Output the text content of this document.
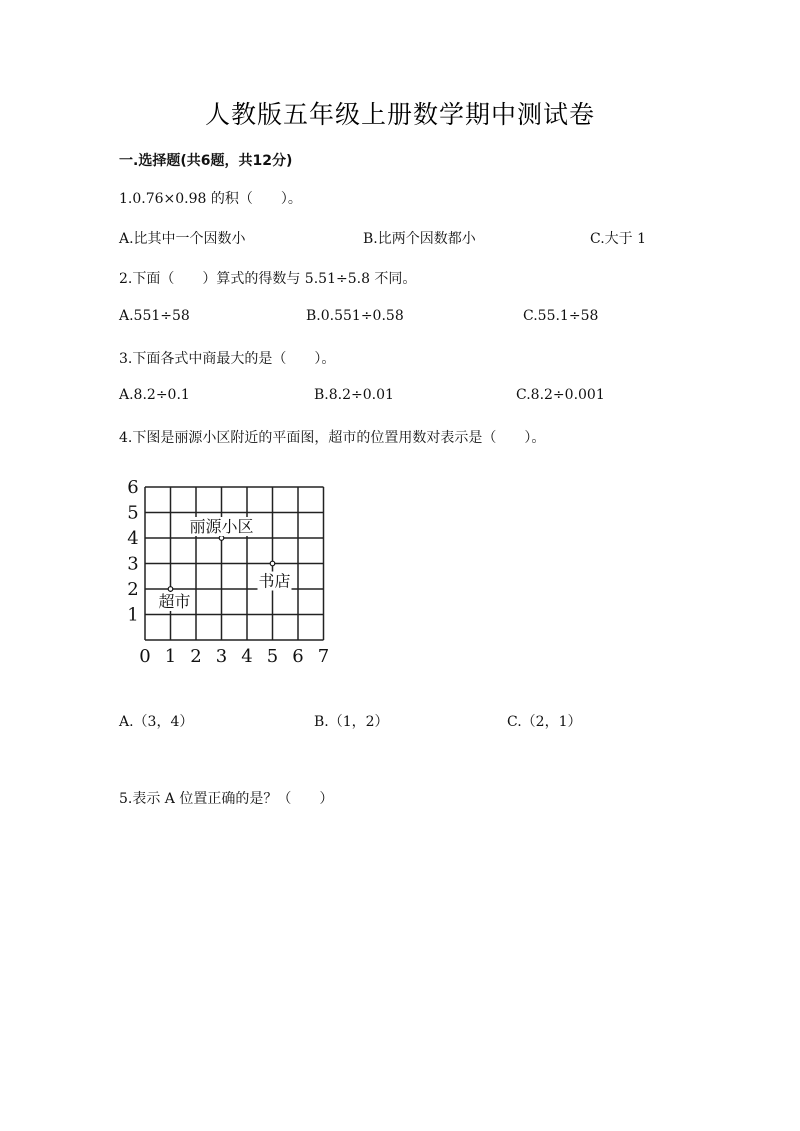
人教版五年级上册数学期中测试卷
一.选择题(共6题，共12分)
1.0.76×0.98 的积（　　）。
A.比其中一个因数小	B.比两个因数都小	C.大于 1
2.下面（　　）算式的得数与 5.51÷5.8 不同。
A.551÷58	B.0.551÷0.58	C.55.1÷58
3.下面各式中商最大的是（　　）。
A.8.2÷0.1	B.8.2÷0.01	C.8.2÷0.001
4.下图是丽源小区附近的平面图，超市的位置用数对表示是（　　）。
0 1 2 3 4 5 6 7
1
2
3
4
5
6
丽源小区
书店
超市
A.（3，4）	B.（1，2）	C.（2，1）
5.表示 A 位置正确的是？（　　）
